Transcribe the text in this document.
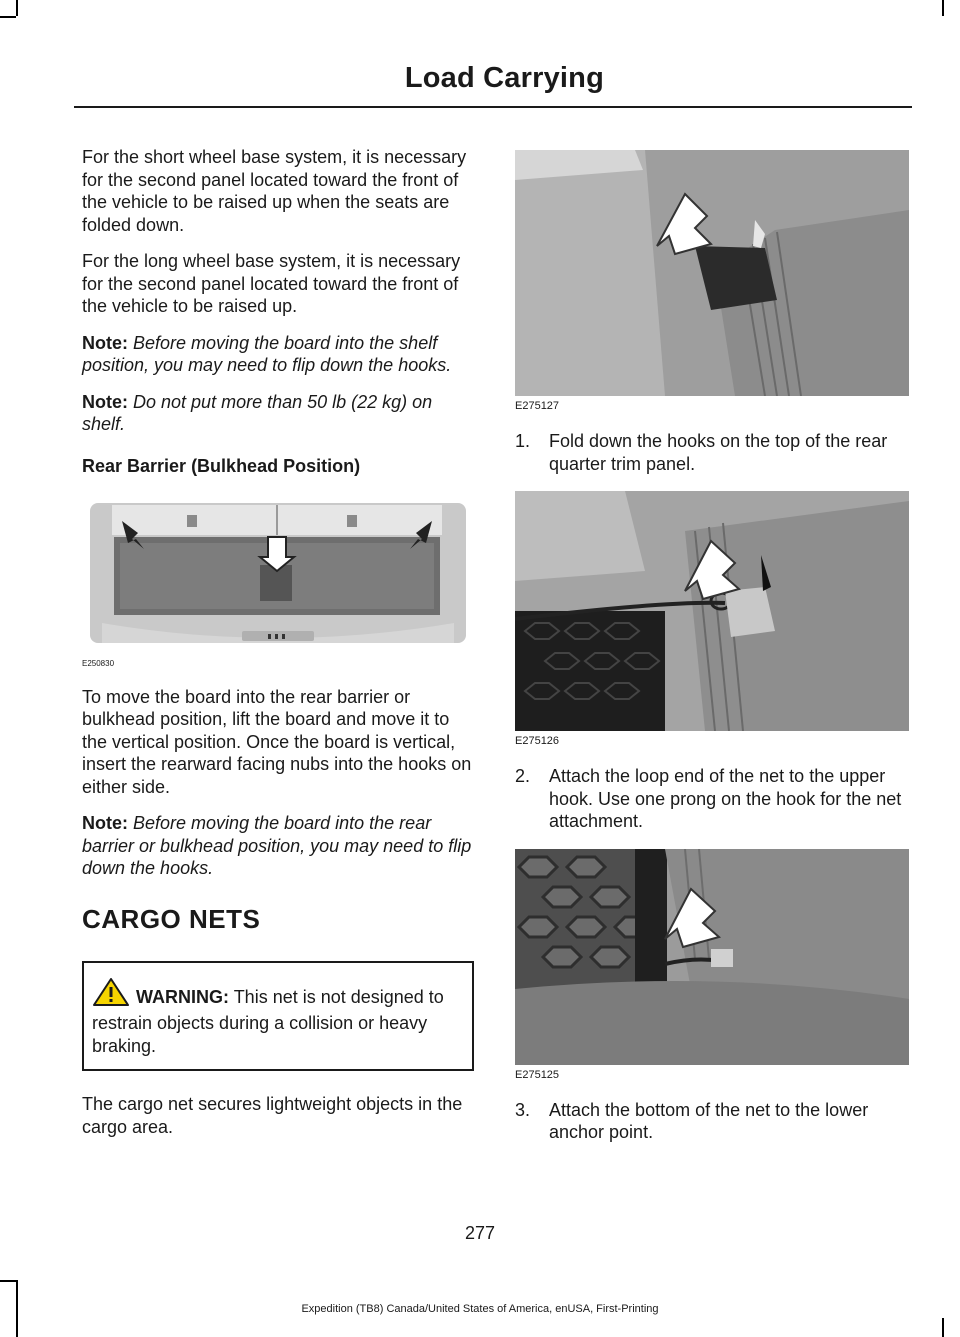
Load Carrying

For the short wheel base system, it is necessary for the second panel located toward the front of the vehicle to be raised up when the seats are folded down.

For the long wheel base system, it is necessary for the second panel located toward the front of the vehicle to be raised up.

Note: Before moving the board into the shelf position, you may need to flip down the hooks.

Note: Do not put more than 50 lb (22 kg) on shelf.

Rear Barrier (Bulkhead Position)
E250830

To move the board into the rear barrier or bulkhead position, lift the board and move it to the vertical position. Once the board is vertical, insert the rearward facing nubs into the hooks on either side.

Note: Before moving the board into the rear barrier or bulkhead position, you may need to flip down the hooks.

CARGO NETS
WARNING: This net is not designed to restrain objects during a collision or heavy braking.

The cargo net secures lightweight objects in the cargo area.

E275127
1.	Fold down the hooks on the top of the rear quarter trim panel.
E275126
2.	Attach the loop end of the net to the upper hook. Use one prong on the hook for the net attachment.
E275125
3.	Attach the bottom of the net to the lower anchor point.
277
Expedition (TB8) Canada/United States of America, enUSA, First-Printing
